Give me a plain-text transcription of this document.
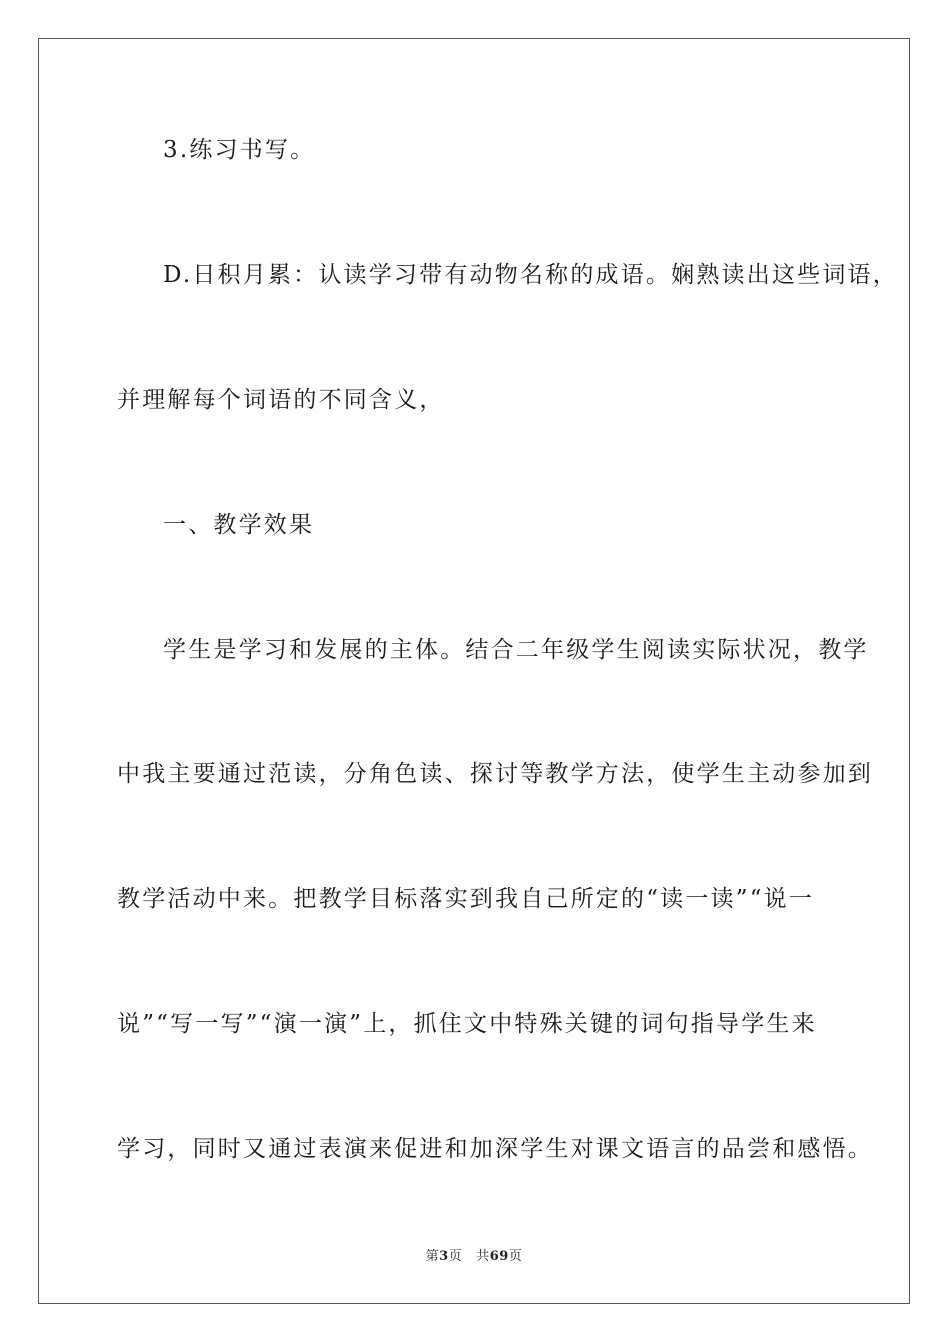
3.练习书写。
D.日积月累：认读学习带有动物名称的成语。娴熟读出这些词语，
并理解每个词语的不同含义，
一、教学效果
学生是学习和发展的主体。结合二年级学生阅读实际状况，教学
中我主要通过范读，分角色读、探讨等教学方法，使学生主动参加到
教学活动中来。把教学目标落实到我自己所定的“读一读”“说一
说”“写一写”“演一演”上，抓住文中特殊关键的词句指导学生来
学习，同时又通过表演来促进和加深学生对课文语言的品尝和感悟。
第3页 共69页
